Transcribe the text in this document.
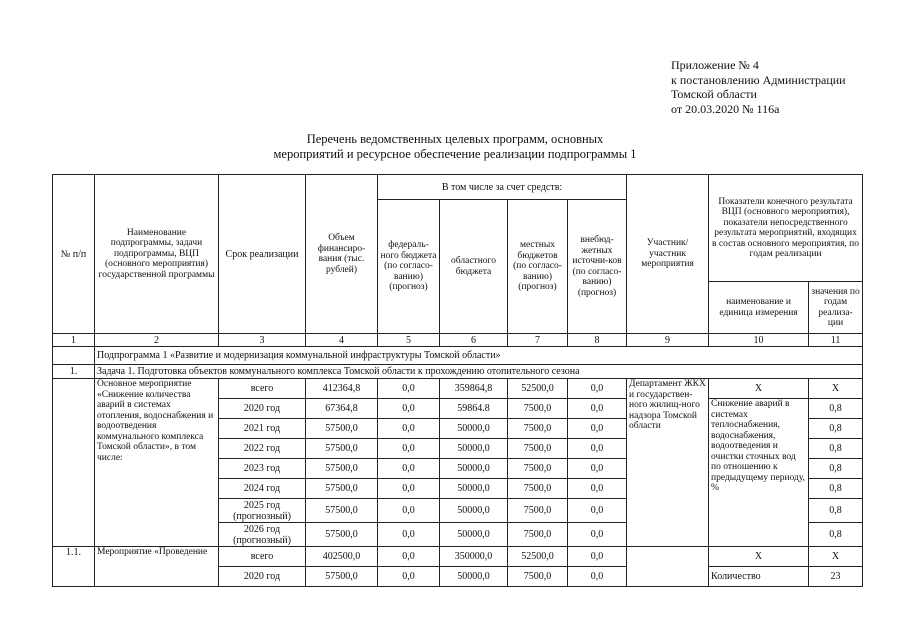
Приложение № 4
к постановлению Администрации
Томской области
от 20.03.2020 № 116а
Перечень ведомственных целевых программ, основных
мероприятий и ресурсное обеспечение реализации подпрограммы 1
№ п/п	Наименование подпрограммы, задачи подпрограммы, ВЦП (основного мероприятия) государственной программы	Срок реализации	Объем финансиро-вания (тыс. рублей)	В том числе за счет средств:				Участник/ участник мероприятия	Показатели конечного результата ВЦП (основного мероприятия), показатели непосредственного результата мероприятий, входящих в состав основного мероприятия, по годам реализации	
				федераль-ного бюджета (по согласо-ванию) (прогноз)	областного бюджета	местных бюджетов (по согласо-ванию) (прогноз)	внебюд-жетных источни-ков (по согласо-ванию) (прогноз)			
									наименование и единица измерения	значения по годам реализа-ции
1	2	3	4	5	6	7	8	9	10	11
	Подпрограмма 1 «Развитие и модернизация коммунальной инфраструктуры Томской области»									
1.	Задача 1. Подготовка объектов коммунального комплекса Томской области к прохождению отопительного сезона									
	Основное мероприятие «Снижение количества аварий в системах отопления, водоснабжения и водоотведения коммунального комплекса Томской области», в том числе:	всего	412364,8	0,0	359864,8	52500,0	0,0	Департамент ЖКХ и государствен-ного жилищ-ного надзора Томской области	Х	Х
		2020 год	67364,8	0,0	59864.8	7500,0	0,0		Снижение аварий в системах теплоснабжения, водоснабжения, водоотведения и очистки сточных вод по отношению к предыдущему периоду, %	0,8
		2021 год	57500,0	0,0	50000,0	7500,0	0,0			0,8
		2022 год	57500,0	0,0	50000,0	7500,0	0,0			0,8
		2023 год	57500,0	0,0	50000,0	7500,0	0,0			0,8
		2024 год	57500,0	0,0	50000,0	7500,0	0,0			0,8
		2025 год (прогнозный)	57500,0	0,0	50000,0	7500,0	0,0			0,8
		2026 год (прогнозный)	57500,0	0,0	50000,0	7500,0	0,0			0,8
1.1.	Мероприятие «Проведение	всего	402500,0	0,0	350000,0	52500,0	0,0		Х	Х
		2020 год	57500,0	0,0	50000,0	7500,0	0,0		Количество	23
